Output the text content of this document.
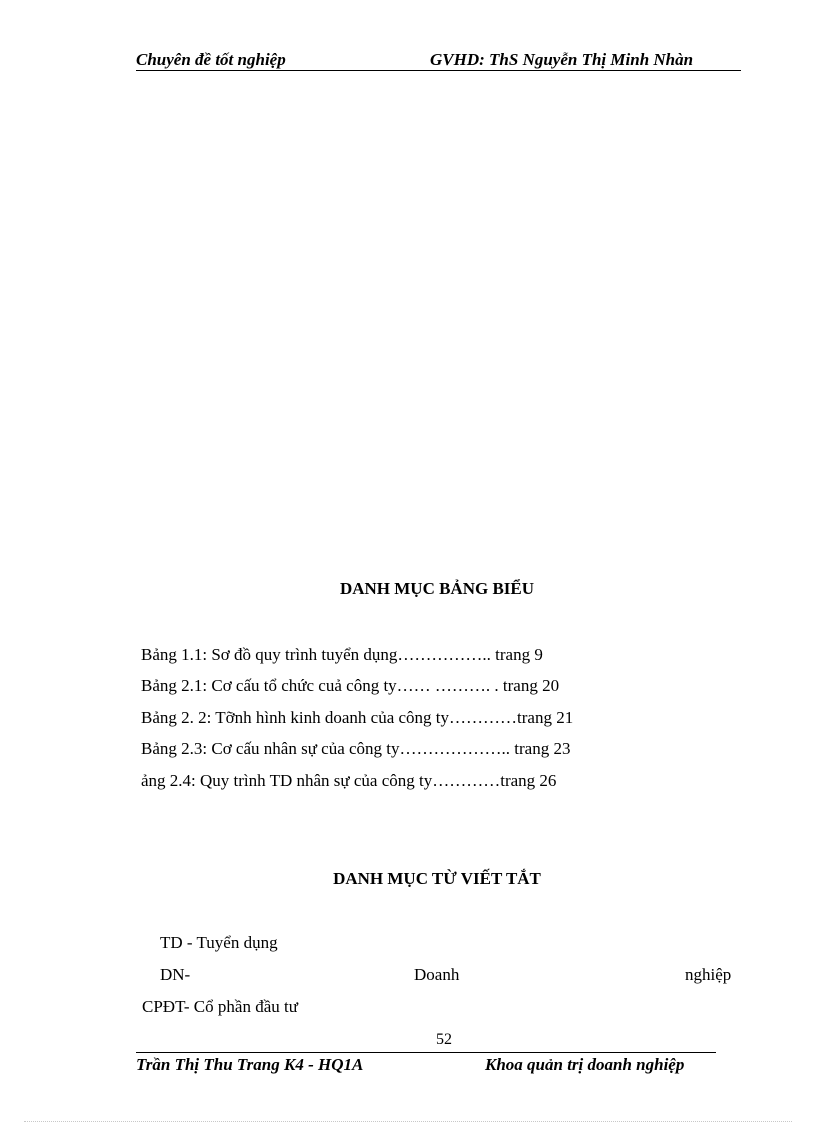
Chuyên đề tốt nghiệp	GVHD: ThS Nguyễn Thị Minh Nhàn
DANH MỤC BẢNG BIỂU
Bảng 1.1: Sơ đồ quy trình tuyển dụng…………….. trang 9
Bảng 2.1: Cơ cấu tổ chức cuả công ty…… ………. . trang 20
Bảng 2. 2: Tỡnh hình kinh doanh của công ty…………trang 21
Bảng 2.3: Cơ cấu nhân sự của công ty……………….. trang 23
ảng 2.4: Quy trình TD nhân sự của công ty…………trang 26
DANH MỤC TỪ VIẾT TẮT
TD - Tuyển dụng
DN-	Doanh	nghiệp
CPĐT- Cổ phần đầu tư
52
Trần Thị Thu Trang K4 - HQ1A	Khoa quản trị doanh nghiệp
